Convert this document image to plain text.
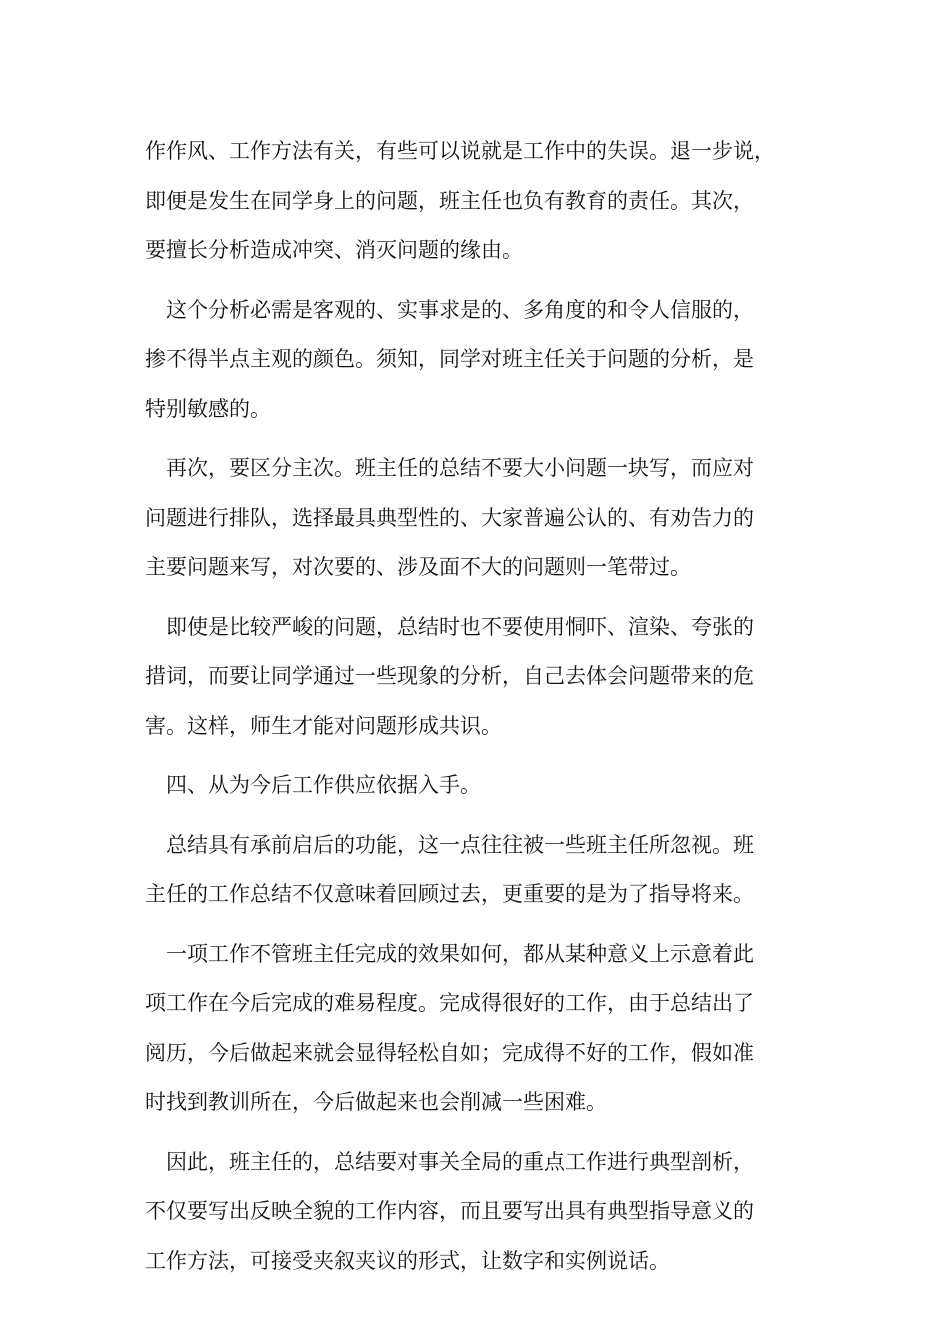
作作风、工作方法有关，有些可以说就是工作中的失误。退一步说，
即便是发生在同学身上的问题，班主任也负有教育的责任。其次，
要擅长分析造成冲突、消灭问题的缘由。
这个分析必需是客观的、实事求是的、多角度的和令人信服的，
掺不得半点主观的颜色。须知，同学对班主任关于问题的分析，是
特别敏感的。
再次，要区分主次。班主任的总结不要大小问题一块写，而应对
问题进行排队，选择最具典型性的、大家普遍公认的、有劝告力的
主要问题来写，对次要的、涉及面不大的问题则一笔带过。
即使是比较严峻的问题，总结时也不要使用恫吓、渲染、夸张的
措词，而要让同学通过一些现象的分析，自己去体会问题带来的危
害。这样，师生才能对问题形成共识。
四、从为今后工作供应依据入手。
总结具有承前启后的功能，这一点往往被一些班主任所忽视。班
主任的工作总结不仅意味着回顾过去，更重要的是为了指导将来。
一项工作不管班主任完成的效果如何，都从某种意义上示意着此
项工作在今后完成的难易程度。完成得很好的工作，由于总结出了
阅历，今后做起来就会显得轻松自如；完成得不好的工作，假如准
时找到教训所在，今后做起来也会削减一些困难。
因此，班主任的，总结要对事关全局的重点工作进行典型剖析，
不仅要写出反映全貌的工作内容，而且要写出具有典型指导意义的
工作方法，可接受夹叙夹议的形式，让数字和实例说话。
